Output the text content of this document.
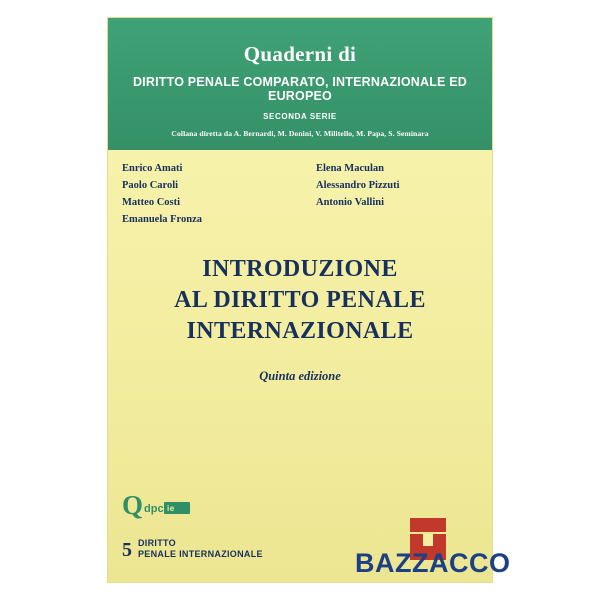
Quaderni di
DIRITTO PENALE COMPARATO, INTERNAZIONALE ED EUROPEO
SECONDA SERIE
Collana diretta da A. Bernardi, M. Donini, V. Militello, M. Papa, S. Seminara
Enrico Amati
Paolo Caroli
Matteo Costi
Emanuela Fronza
Elena Maculan
Alessandro Pizzuti
Antonio Vallini
INTRODUZIONE
AL DIRITTO PENALE
INTERNAZIONALE
Quinta edizione
Q dpc ie
5 DIRITTO
PENALE INTERNAZIONALE	BAZZACCO
